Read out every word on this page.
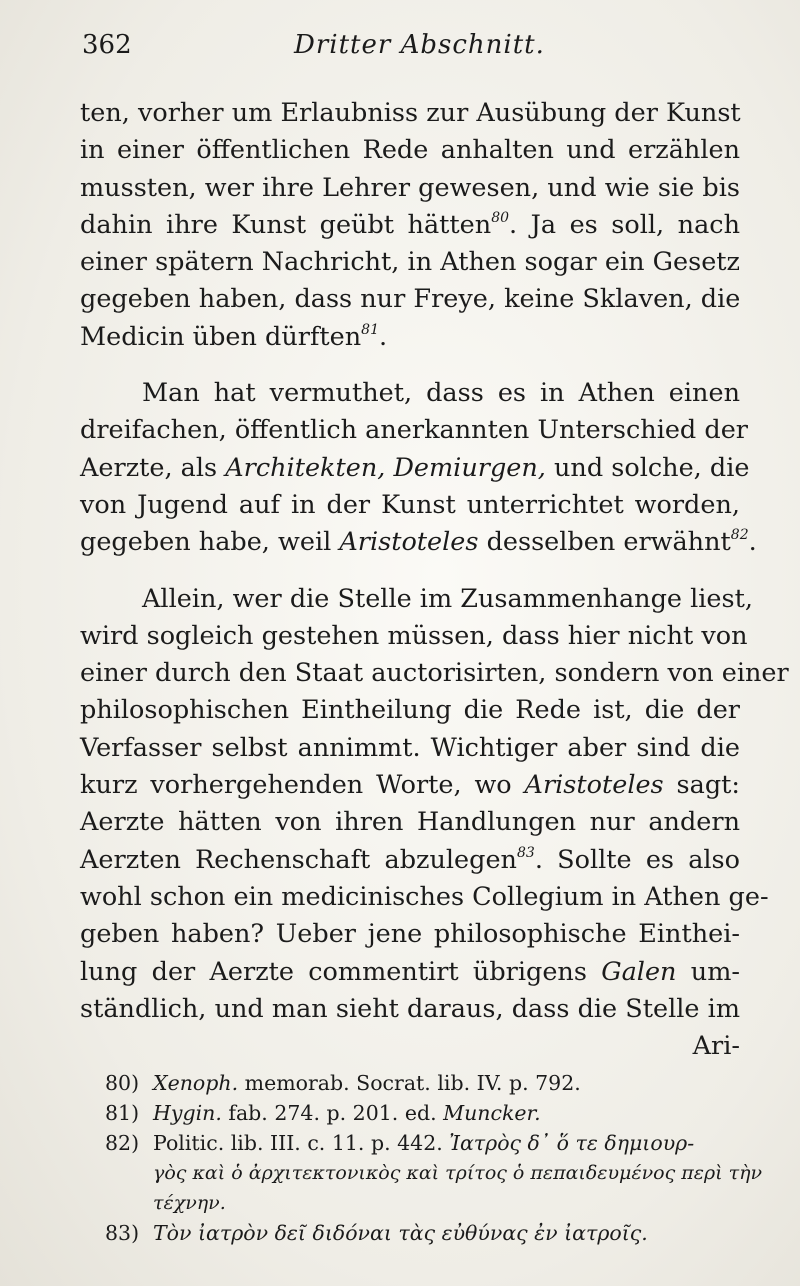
362	Dritter Abschnitt.
ten, vorher um Erlaubniss zur Ausübung der Kunst
in einer öffentlichen Rede anhalten und erzählen
mussten, wer ihre Lehrer gewesen, und wie sie bis
dahin ihre Kunst geübt hätten$^{80}$. Ja es soll, nach
einer spätern Nachricht, in Athen sogar ein Gesetz
gegeben haben, dass nur Freye, keine Sklaven, die
Medicin üben dürften$^{81}$.
Man hat vermuthet, dass es in Athen einen
dreifachen, öffentlich anerkannten Unterschied der
Aerzte, als Architekten, Demiurgen, und solche, die
von Jugend auf in der Kunst unterrichtet worden,
gegeben habe, weil Aristoteles desselben erwähnt$^{82}$.
Allein, wer die Stelle im Zusammenhange liest,
wird sogleich gestehen müssen, dass hier nicht von
einer durch den Staat auctorisirten, sondern von einer
philosophischen Eintheilung die Rede ist, die der
Verfasser selbst annimmt. Wichtiger aber sind die
kurz vorhergehenden Worte, wo Aristoteles sagt:
Aerzte hätten von ihren Handlungen nur andern
Aerzten Rechenschaft abzulegen$^{83}$. Sollte es also
wohl schon ein medicinisches Collegium in Athen ge-
geben haben? Ueber jene philosophische Einthei-
lung der Aerzte commentirt übrigens Galen um-
ständlich, und man sieht daraus, dass die Stelle im
Ari-
80) Xenoph. memorab. Socrat. lib. IV. p. 792.
81) Hygin. fab. 274. p. 201. ed. Muncker.
82) Politic. lib. III. c. 11. p. 442. Ἰατρὸς δ᾽ ὅ τε δημιουρ-
γὸς καὶ ὁ ἀρχιτεκτονικὸς καὶ τρίτος ὁ πεπαιδευμένος περὶ τὴν
τέχνην.
83) Τὸν ἰατρὸν δεῖ διδόναι τὰς εὐθύνας ἐν ἰατροῖς.
